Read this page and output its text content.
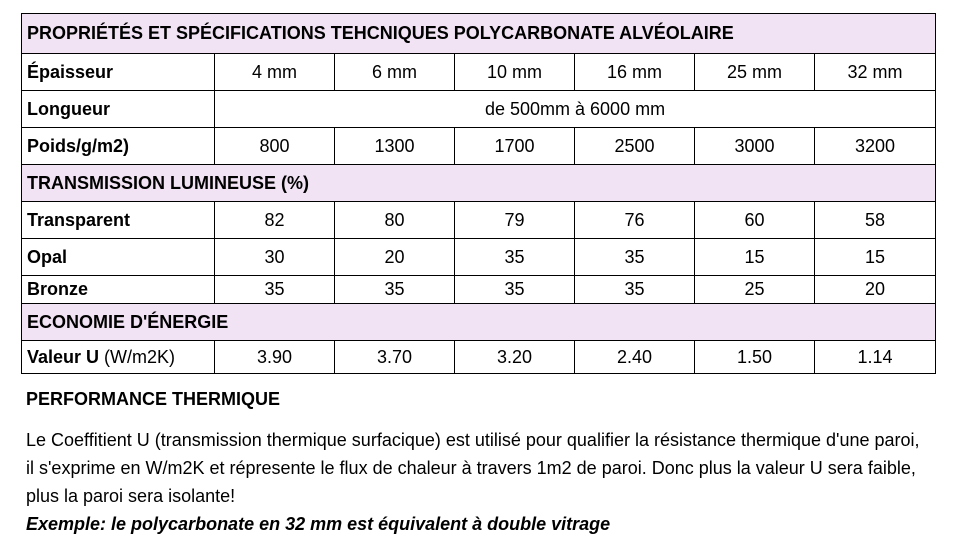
PROPRIÉTÉS ET SPÉCIFICATIONS TEHCNIQUES POLYCARBONATE ALVÉOLAIRE						
Épaisseur	4 mm	6 mm	10 mm	16 mm	25 mm	32 mm
Longueur	de 500mm à 6000 mm					
Poids/g/m2)	800	1300	1700	2500	3000	3200
TRANSMISSION LUMINEUSE (%)						
Transparent	82	80	79	76	60	58
Opal	30	20	35	35	15	15
Bronze	35	35	35	35	25	20
ECONOMIE D'ÉNERGIE						
Valeur U (W/m2K)	3.90	3.70	3.20	2.40	1.50	1.14
PERFORMANCE THERMIQUE
Le Coeffitient U (transmission thermique surfacique) est utilisé pour qualifier la résistance thermique d'une paroi, il s'exprime en W/m2K et répresente le flux de chaleur à travers 1m2 de paroi. Donc plus la valeur U sera faible, plus la paroi sera isolante!
Exemple: le polycarbonate en 32 mm est équivalent à double vitrage
